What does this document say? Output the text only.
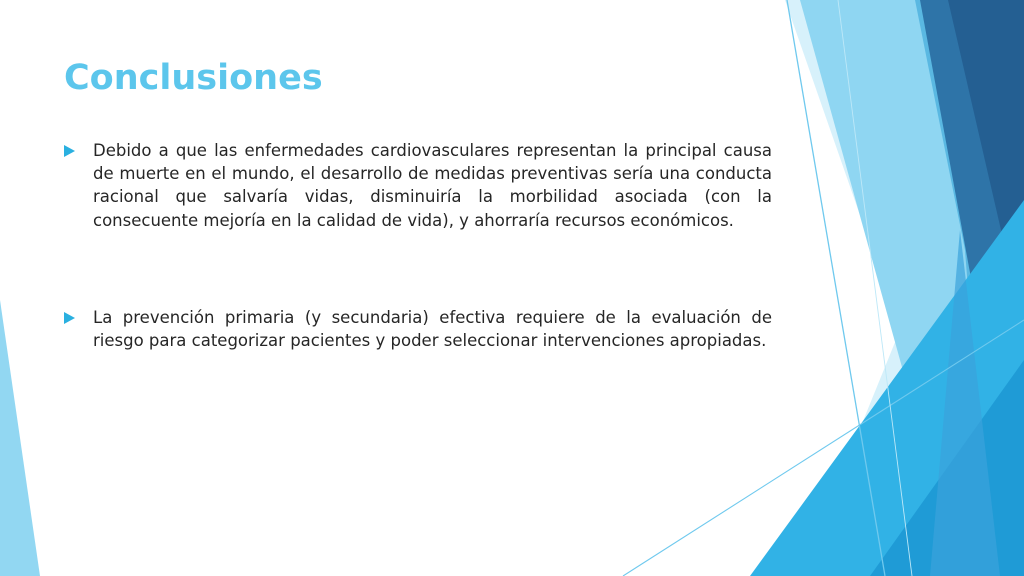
Conclusiones
Debido a que las enfermedades cardiovasculares representan la principal causa de muerte en el mundo, el desarrollo de medidas preventivas sería una conducta racional que salvaría vidas, disminuiría la morbilidad asociada (con la consecuente mejoría en la calidad de vida), y ahorraría recursos económicos.
La prevención primaria (y secundaria) efectiva requiere de la evaluación de riesgo para categorizar pacientes y poder seleccionar intervenciones apropiadas.
